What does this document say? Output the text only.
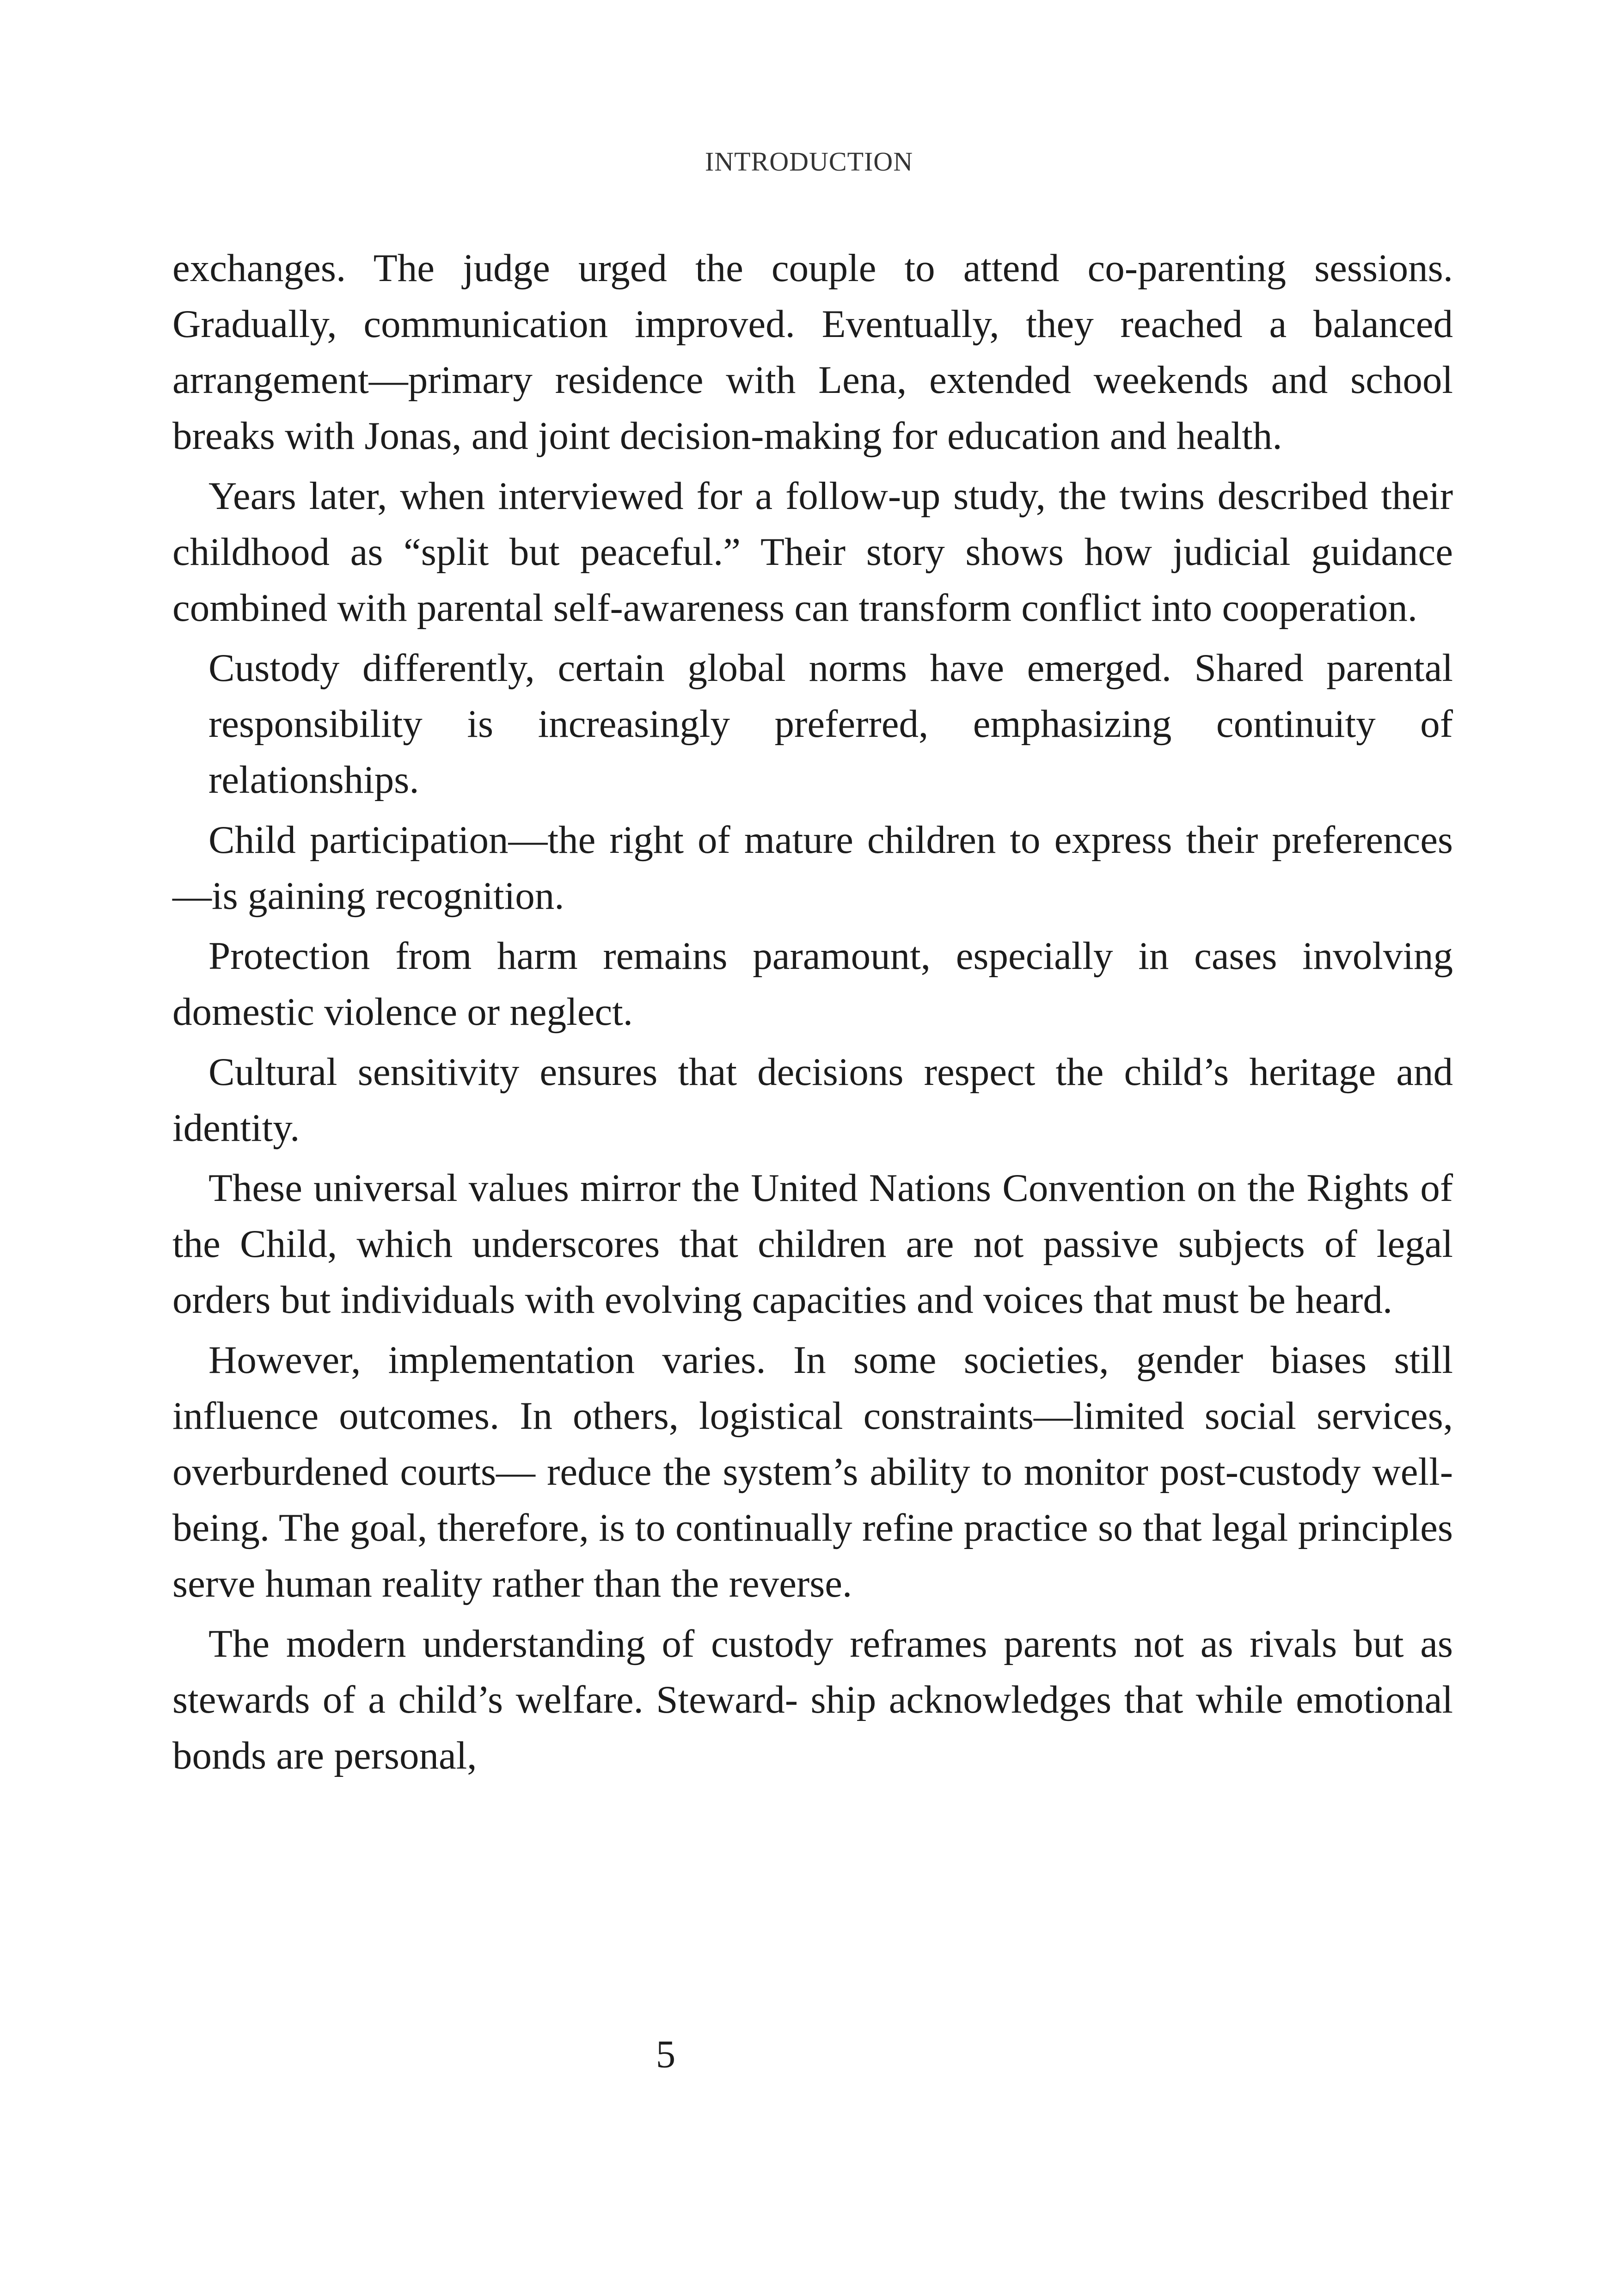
INTRODUCTION

exchanges. The judge urged the couple to attend co-parenting sessions. Gradually, communication improved. Eventually, they reached a balanced arrangement—primary residence with Lena, extended weekends and school breaks with Jonas, and joint decision-making for education and health.

Years later, when interviewed for a follow-up study, the twins described their childhood as “split but peaceful.” Their story shows how judicial guidance combined with parental self-awareness can transform conflict into cooperation.

Custody differently, certain global norms have emerged. Shared parental responsibility is increasingly preferred, emphasizing continuity of relationships.

Child participation—the right of mature children to express their preferences—is gaining recognition.

Protection from harm remains paramount, especially in cases involving domestic violence or neglect.

Cultural sensitivity ensures that decisions respect the child’s heritage and identity.

These universal values mirror the United Nations Convention on the Rights of the Child, which underscores that children are not passive subjects of legal orders but individuals with evolving capacities and voices that must be heard.

However, implementation varies. In some societies, gender biases still influence outcomes. In others, logistical constraints—limited social services, overburdened courts— reduce the system’s ability to monitor post-custody well-being. The goal, therefore, is to continually refine practice so that legal principles serve human reality rather than the reverse.

The modern understanding of custody reframes parents not as rivals but as stewards of a child’s welfare. Steward- ship acknowledges that while emotional bonds are personal,

5
